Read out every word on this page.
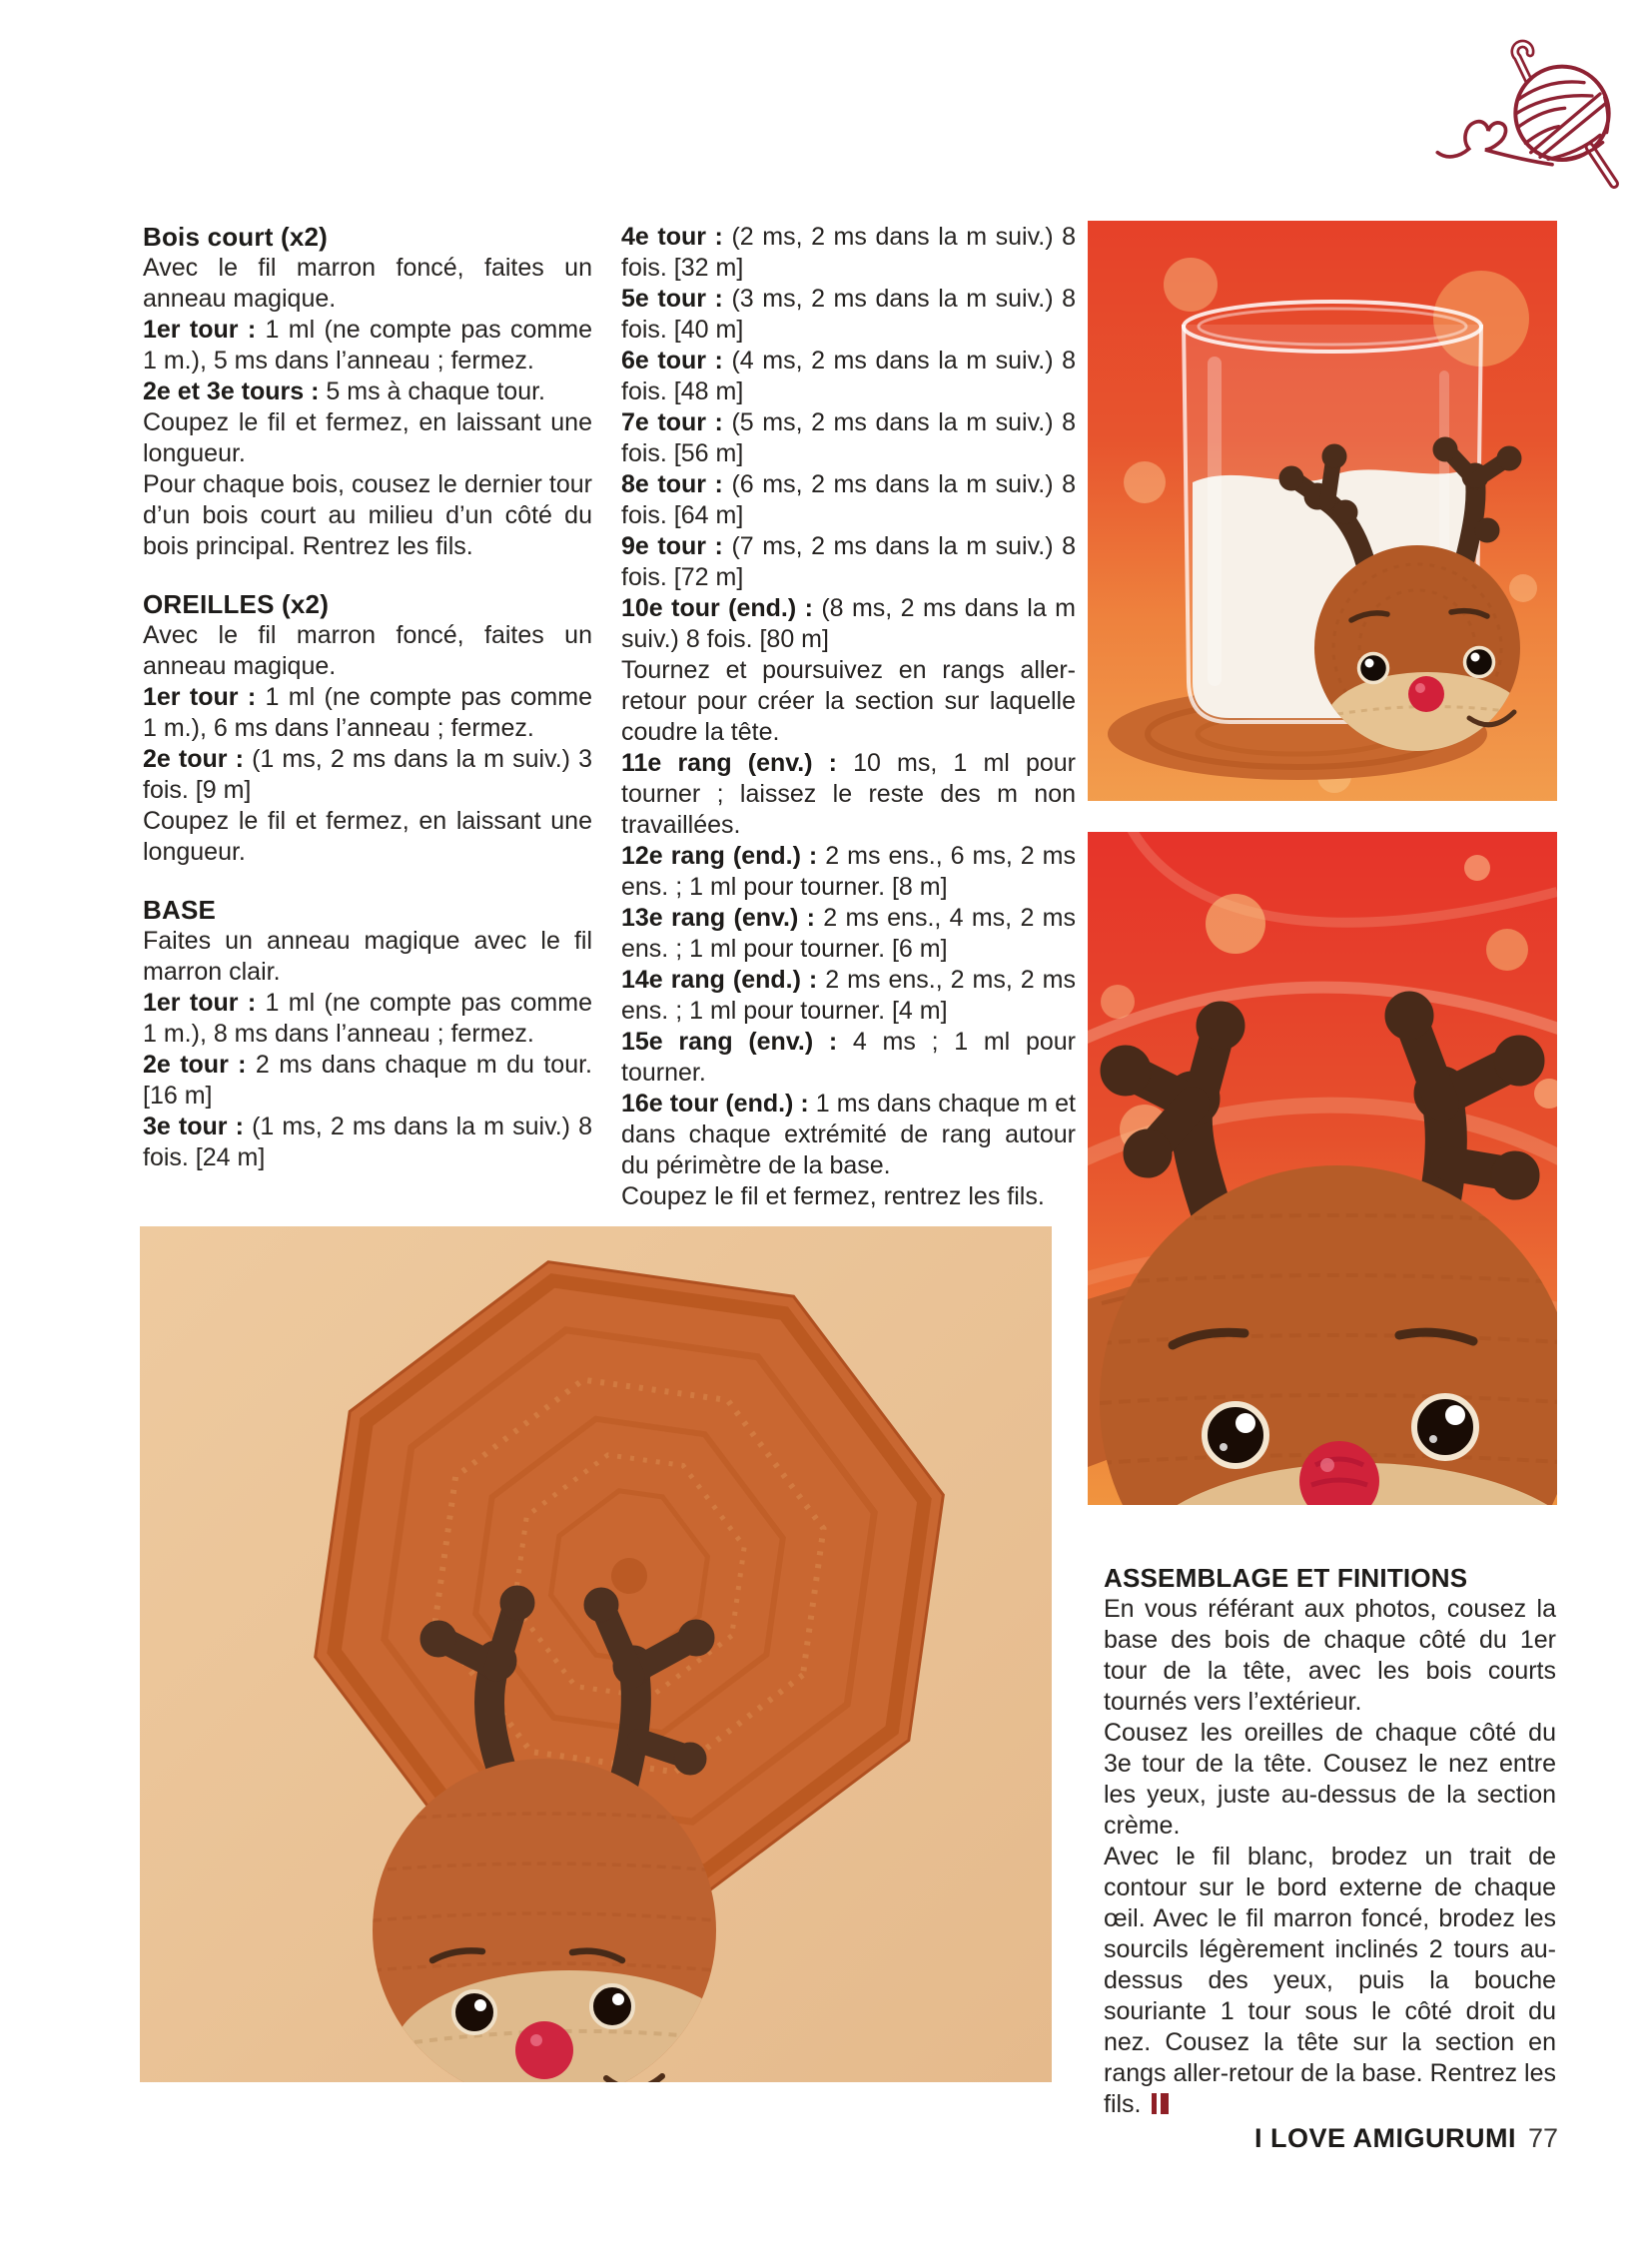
Bois court (x2)

Avec le fil marron foncé, faites un anneau magique.

1er tour : 1 ml (ne compte pas comme 1 m.), 5 ms dans l’anneau ; fermez.

2e et 3e tours : 5 ms à chaque tour.

Coupez le fil et fermez, en laissant une longueur.

Pour chaque bois, cousez le dernier tour d’un bois court au milieu d’un côté du bois principal. Rentrez les fils.

OREILLES (x2)

Avec le fil marron foncé, faites un anneau magique.

1er tour : 1 ml (ne compte pas comme 1 m.), 6 ms dans l’anneau ; fermez.

2e tour : (1 ms, 2 ms dans la m suiv.) 3 fois. [9 m]

Coupez le fil et fermez, en laissant une longueur.

BASE

Faites un anneau magique avec le fil marron clair.

1er tour : 1 ml (ne compte pas comme 1 m.), 8 ms dans l’anneau ; fermez.

2e tour : 2 ms dans chaque m du tour. [16 m]

3e tour : (1 ms, 2 ms dans la m suiv.) 8 fois. [24 m]

4e tour : (2 ms, 2 ms dans la m suiv.) 8 fois. [32 m]

5e tour : (3 ms, 2 ms dans la m suiv.) 8 fois. [40 m]

6e tour : (4 ms, 2 ms dans la m suiv.) 8 fois. [48 m]

7e tour : (5 ms, 2 ms dans la m suiv.) 8 fois. [56 m]

8e tour : (6 ms, 2 ms dans la m suiv.) 8 fois. [64 m]

9e tour : (7 ms, 2 ms dans la m suiv.) 8 fois. [72 m]

10e tour (end.) : (8 ms, 2 ms dans la m suiv.) 8 fois. [80 m]

Tournez et poursuivez en rangs aller-retour pour créer la section sur laquelle coudre la tête.

11e rang (env.) : 10 ms, 1 ml pour tourner ; laissez le reste des m non travaillées.

12e rang (end.) : 2 ms ens., 6 ms, 2 ms ens. ; 1 ml pour tourner. [8 m]

13e rang (env.) : 2 ms ens., 4 ms, 2 ms ens. ; 1 ml pour tourner. [6 m]

14e rang (end.) : 2 ms ens., 2 ms, 2 ms ens. ; 1 ml pour tourner. [4 m]

15e rang (env.) : 4 ms ; 1 ml pour tourner.

16e tour (end.) : 1 ms dans chaque m et dans chaque extrémité de rang autour du périmètre de la base.

Coupez le fil et fermez, rentrez les fils.

ASSEMBLAGE ET FINITIONS

En vous référant aux photos, cousez la base des bois de chaque côté du 1er tour de la tête, avec les bois courts tournés vers l’extérieur.

Cousez les oreilles de chaque côté du 3e tour de la tête. Cousez le nez entre les yeux, juste au-dessus de la section crème.

Avec le fil blanc, brodez un trait de contour sur le bord externe de chaque œil. Avec le fil marron foncé, brodez les sourcils légèrement inclinés 2 tours au-dessus des yeux, puis la bouche souriante 1 tour sous le côté droit du nez. Cousez la tête sur la section en rangs aller-retour de la base. Rentrez les fils.

I LOVE AMIGURUMI 77
